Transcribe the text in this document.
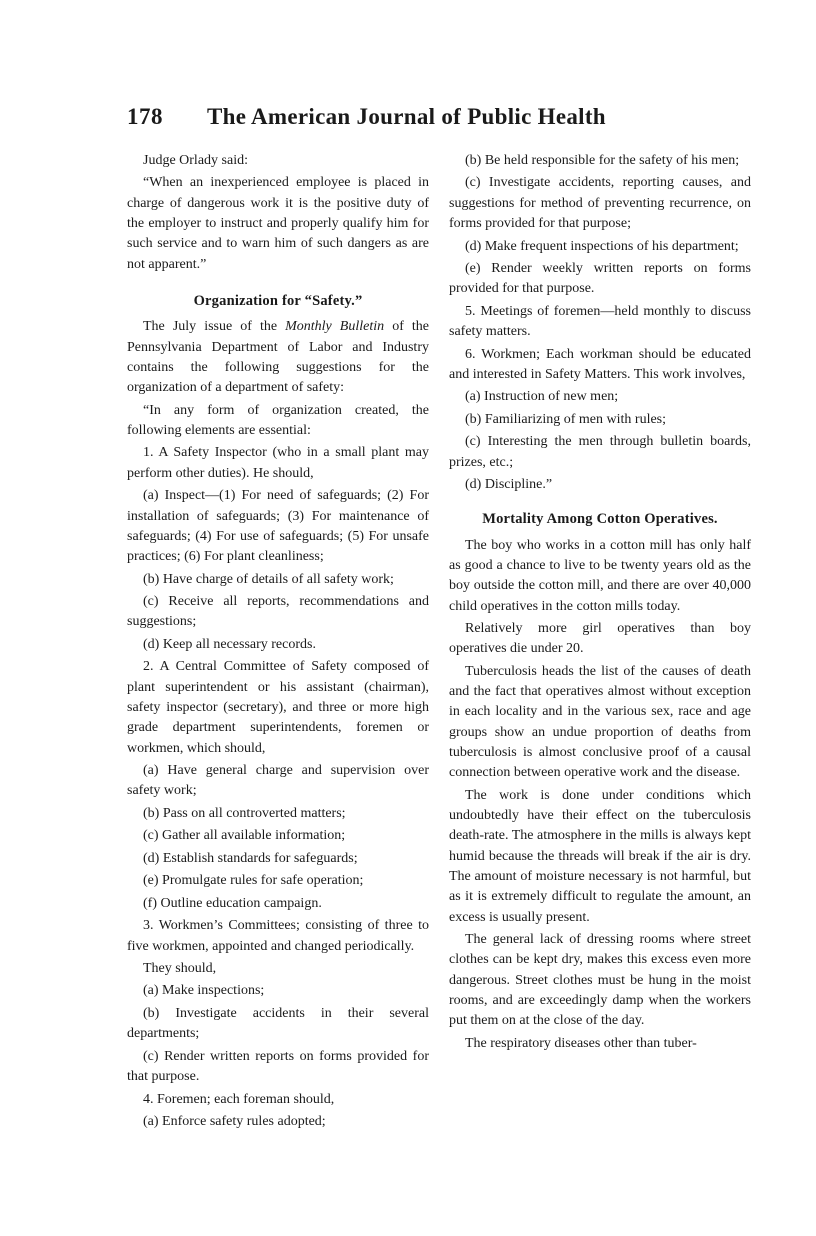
178	The American Journal of Public Health

Judge Orlady said:

“When an inexperienced employee is placed in charge of dangerous work it is the positive duty of the employer to instruct and properly qualify him for such service and to warn him of such dangers as are not apparent.”

Organization for “Safety.”

The July issue of the Monthly Bulletin of the Pennsylvania Department of Labor and Industry contains the following suggestions for the organization of a department of safety:

“In any form of organization created, the following elements are essential:

1. A Safety Inspector (who in a small plant may perform other duties). He should,

(a) Inspect—(1) For need of safeguards; (2) For installation of safeguards; (3) For maintenance of safeguards; (4) For use of safeguards; (5) For unsafe practices; (6) For plant cleanliness;

(b) Have charge of details of all safety work;

(c) Receive all reports, recommendations and suggestions;

(d) Keep all necessary records.

2. A Central Committee of Safety composed of plant superintendent or his assistant (chairman), safety inspector (secretary), and three or more high grade department superintendents, foremen or workmen, which should,

(a) Have general charge and supervision over safety work;

(b) Pass on all controverted matters;

(c) Gather all available information;

(d) Establish standards for safeguards;

(e) Promulgate rules for safe operation;

(f) Outline education campaign.

3. Workmen’s Committees; consisting of three to five workmen, appointed and changed periodically.

They should,

(a) Make inspections;

(b) Investigate accidents in their several departments;

(c) Render written reports on forms provided for that purpose.

4. Foremen; each foreman should,

(a) Enforce safety rules adopted;

(b) Be held responsible for the safety of his men;

(c) Investigate accidents, reporting causes, and suggestions for method of preventing recurrence, on forms provided for that purpose;

(d) Make frequent inspections of his department;

(e) Render weekly written reports on forms provided for that purpose.

5. Meetings of foremen—held monthly to discuss safety matters.

6. Workmen; Each workman should be educated and interested in Safety Matters. This work involves,

(a) Instruction of new men;

(b) Familiarizing of men with rules;

(c) Interesting the men through bulletin boards, prizes, etc.;

(d) Discipline.”

Mortality Among Cotton Operatives.

The boy who works in a cotton mill has only half as good a chance to live to be twenty years old as the boy outside the cotton mill, and there are over 40,000 child operatives in the cotton mills today.

Relatively more girl operatives than boy operatives die under 20.

Tuberculosis heads the list of the causes of death and the fact that operatives almost without exception in each locality and in the various sex, race and age groups show an undue proportion of deaths from tuberculosis is almost conclusive proof of a causal connection between operative work and the disease.

The work is done under conditions which undoubtedly have their effect on the tuberculosis death-rate. The atmosphere in the mills is always kept humid because the threads will break if the air is dry. The amount of moisture necessary is not harmful, but as it is extremely difficult to regulate the amount, an excess is usually present.

The general lack of dressing rooms where street clothes can be kept dry, makes this excess even more dangerous. Street clothes must be hung in the moist rooms, and are exceedingly damp when the workers put them on at the close of the day.

The respiratory diseases other than tuber-
